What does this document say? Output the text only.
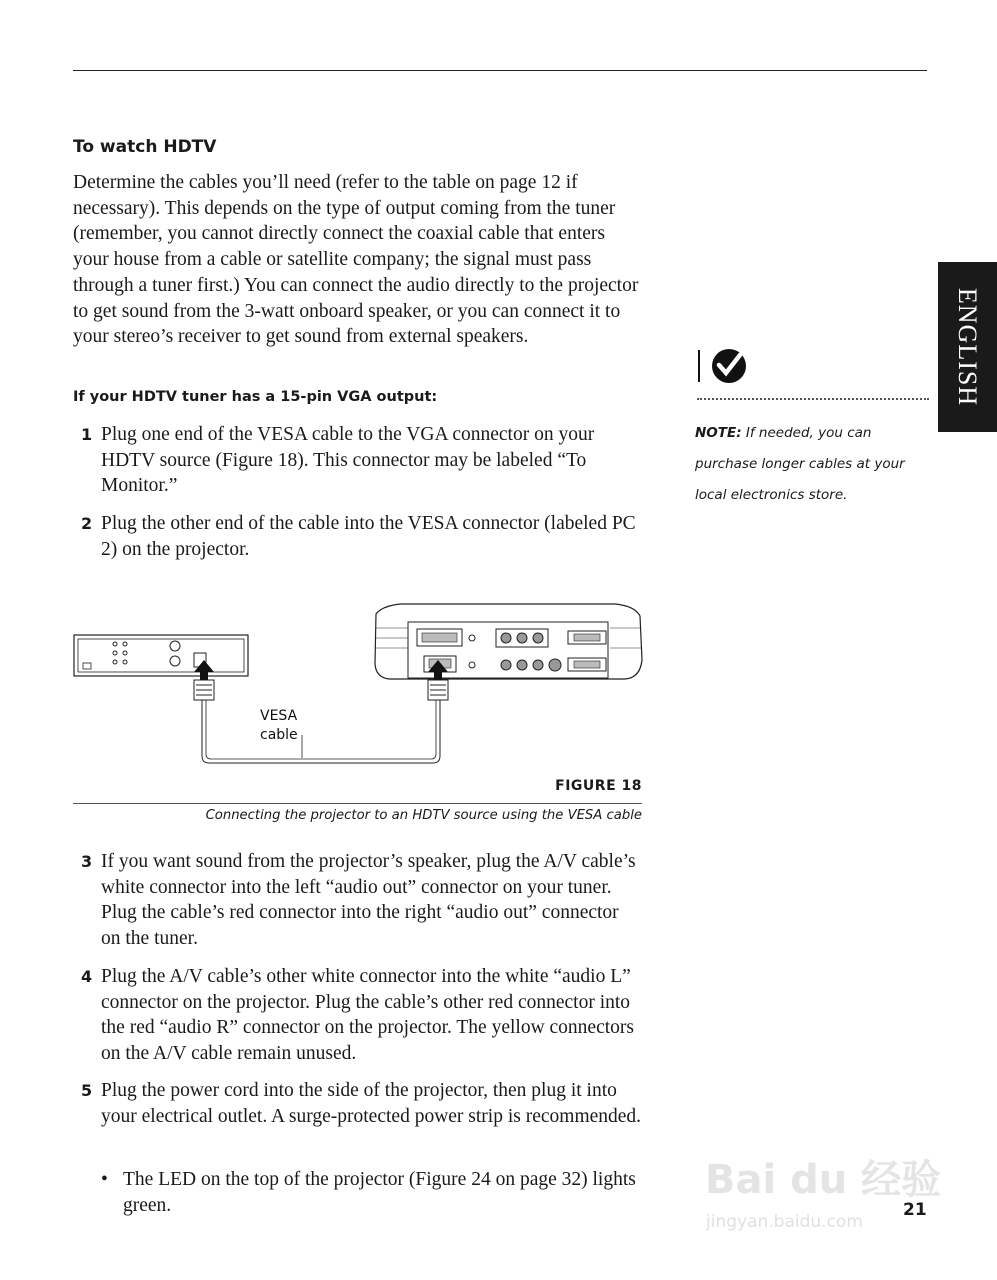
To watch HDTV

Determine the cables you’ll need (refer to the table on page 12 if necessary). This depends on the type of output coming from the tuner (remember, you cannot directly connect the coaxial cable that enters your house from a cable or satellite company; the signal must pass through a tuner first.) You can connect the audio directly to the projector to get sound from the 3-watt onboard speaker, or you can connect it to your stereo’s receiver to get sound from external speakers.

If your HDTV tuner has a 15-pin VGA output:
1 Plug one end of the VESA cable to the VGA connector on your HDTV source (Figure 18). This connector may be labeled “To Monitor.”
2 Plug the other end of the cable into the VESA connector (labeled PC 2) on the projector.
VESA
cable
FIGURE 18
Connecting the projector to an HDTV source using the VESA cable
3 If you want sound from the projector’s speaker, plug the A/V cable’s white connector into the left “audio out” connector on your tuner. Plug the cable’s red connector into the right “audio out” connector on the tuner.
4 Plug the A/V cable’s other white connector into the white “audio L” connector on the projector. Plug the cable’s other red connector into the red “audio R” connector on the projector. The yellow connectors on the A/V cable remain unused.
5 Plug the power cord into the side of the projector, then plug it into your electrical outlet. A surge-protected power strip is recommended.
• The LED on the top of the projector (Figure 24 on page 32) lights green.
NOTE: If needed, you can purchase longer cables at your local electronics store.
ENGLISH
Bai du 经验
jingyan.baidu.com
21
